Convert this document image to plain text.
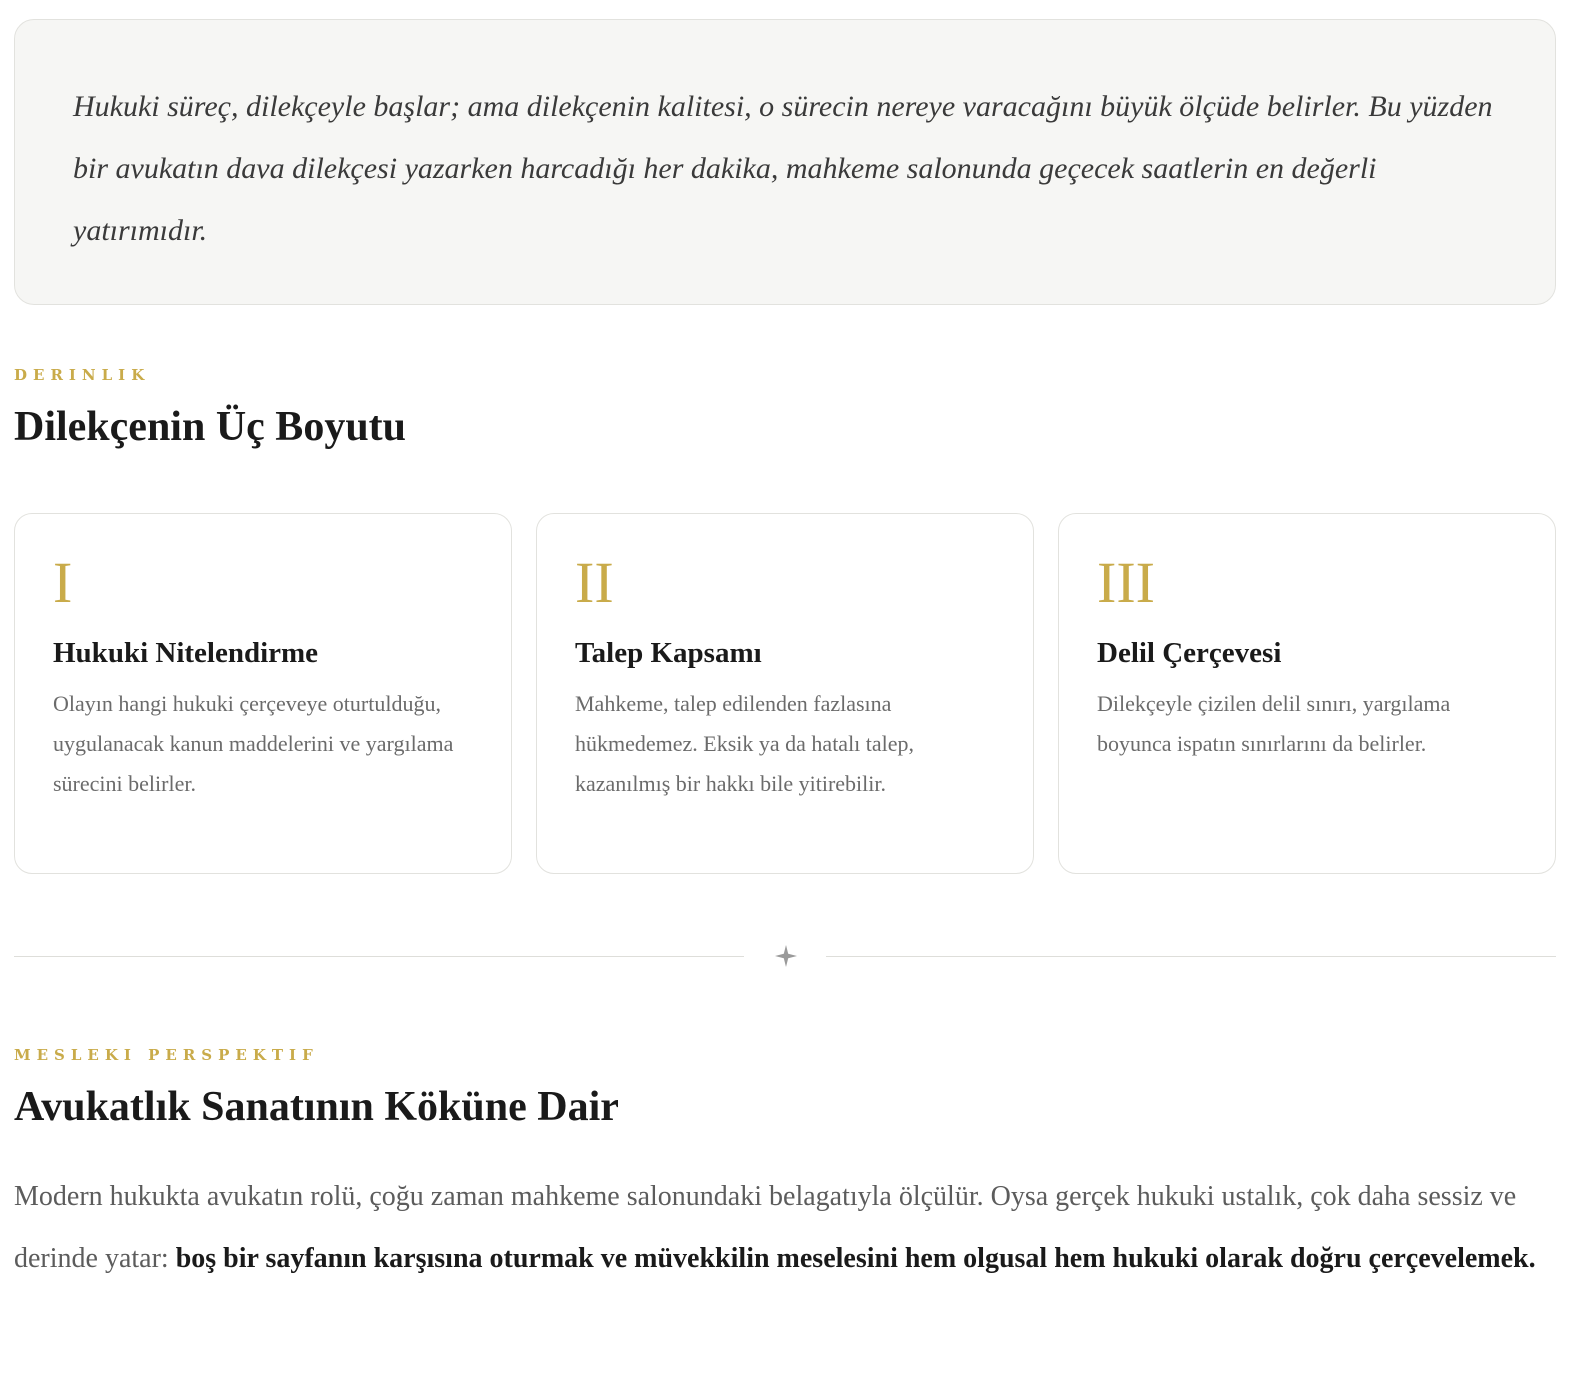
Hukuki süreç, dilekçeyle başlar; ama dilekçenin kalitesi, o sürecin nereye varacağını büyük ölçüde belirler. Bu yüzden bir avukatın dava dilekçesi yazarken harcadığı her dakika, mahkeme salonunda geçecek saatlerin en değerli yatırımıdır.

DERINLIK

Dilekçenin Üç Boyutu
I
Hukuki Nitelendirme

Olayın hangi hukuki çerçeveye oturtulduğu, uygulanacak kanun maddelerini ve yargılama sürecini belirler.

II
Talep Kapsamı

Mahkeme, talep edilenden fazlasına hükmedemez. Eksik ya da hatalı talep, kazanılmış bir hakkı bile yitirebilir.

III
Delil Çerçevesi

Dilekçeyle çizilen delil sınırı, yargılama boyunca ispatın sınırlarını da belirler.

MESLEKI PERSPEKTIF

Avukatlık Sanatının Köküne Dair

Modern hukukta avukatın rolü, çoğu zaman mahkeme salonundaki belagatıyla ölçülür. Oysa gerçek hukuki ustalık, çok daha sessiz ve derinde yatar: boş bir sayfanın karşısına oturmak ve müvekkilin meselesini hem olgusal hem hukuki olarak doğru çerçevelemek.
